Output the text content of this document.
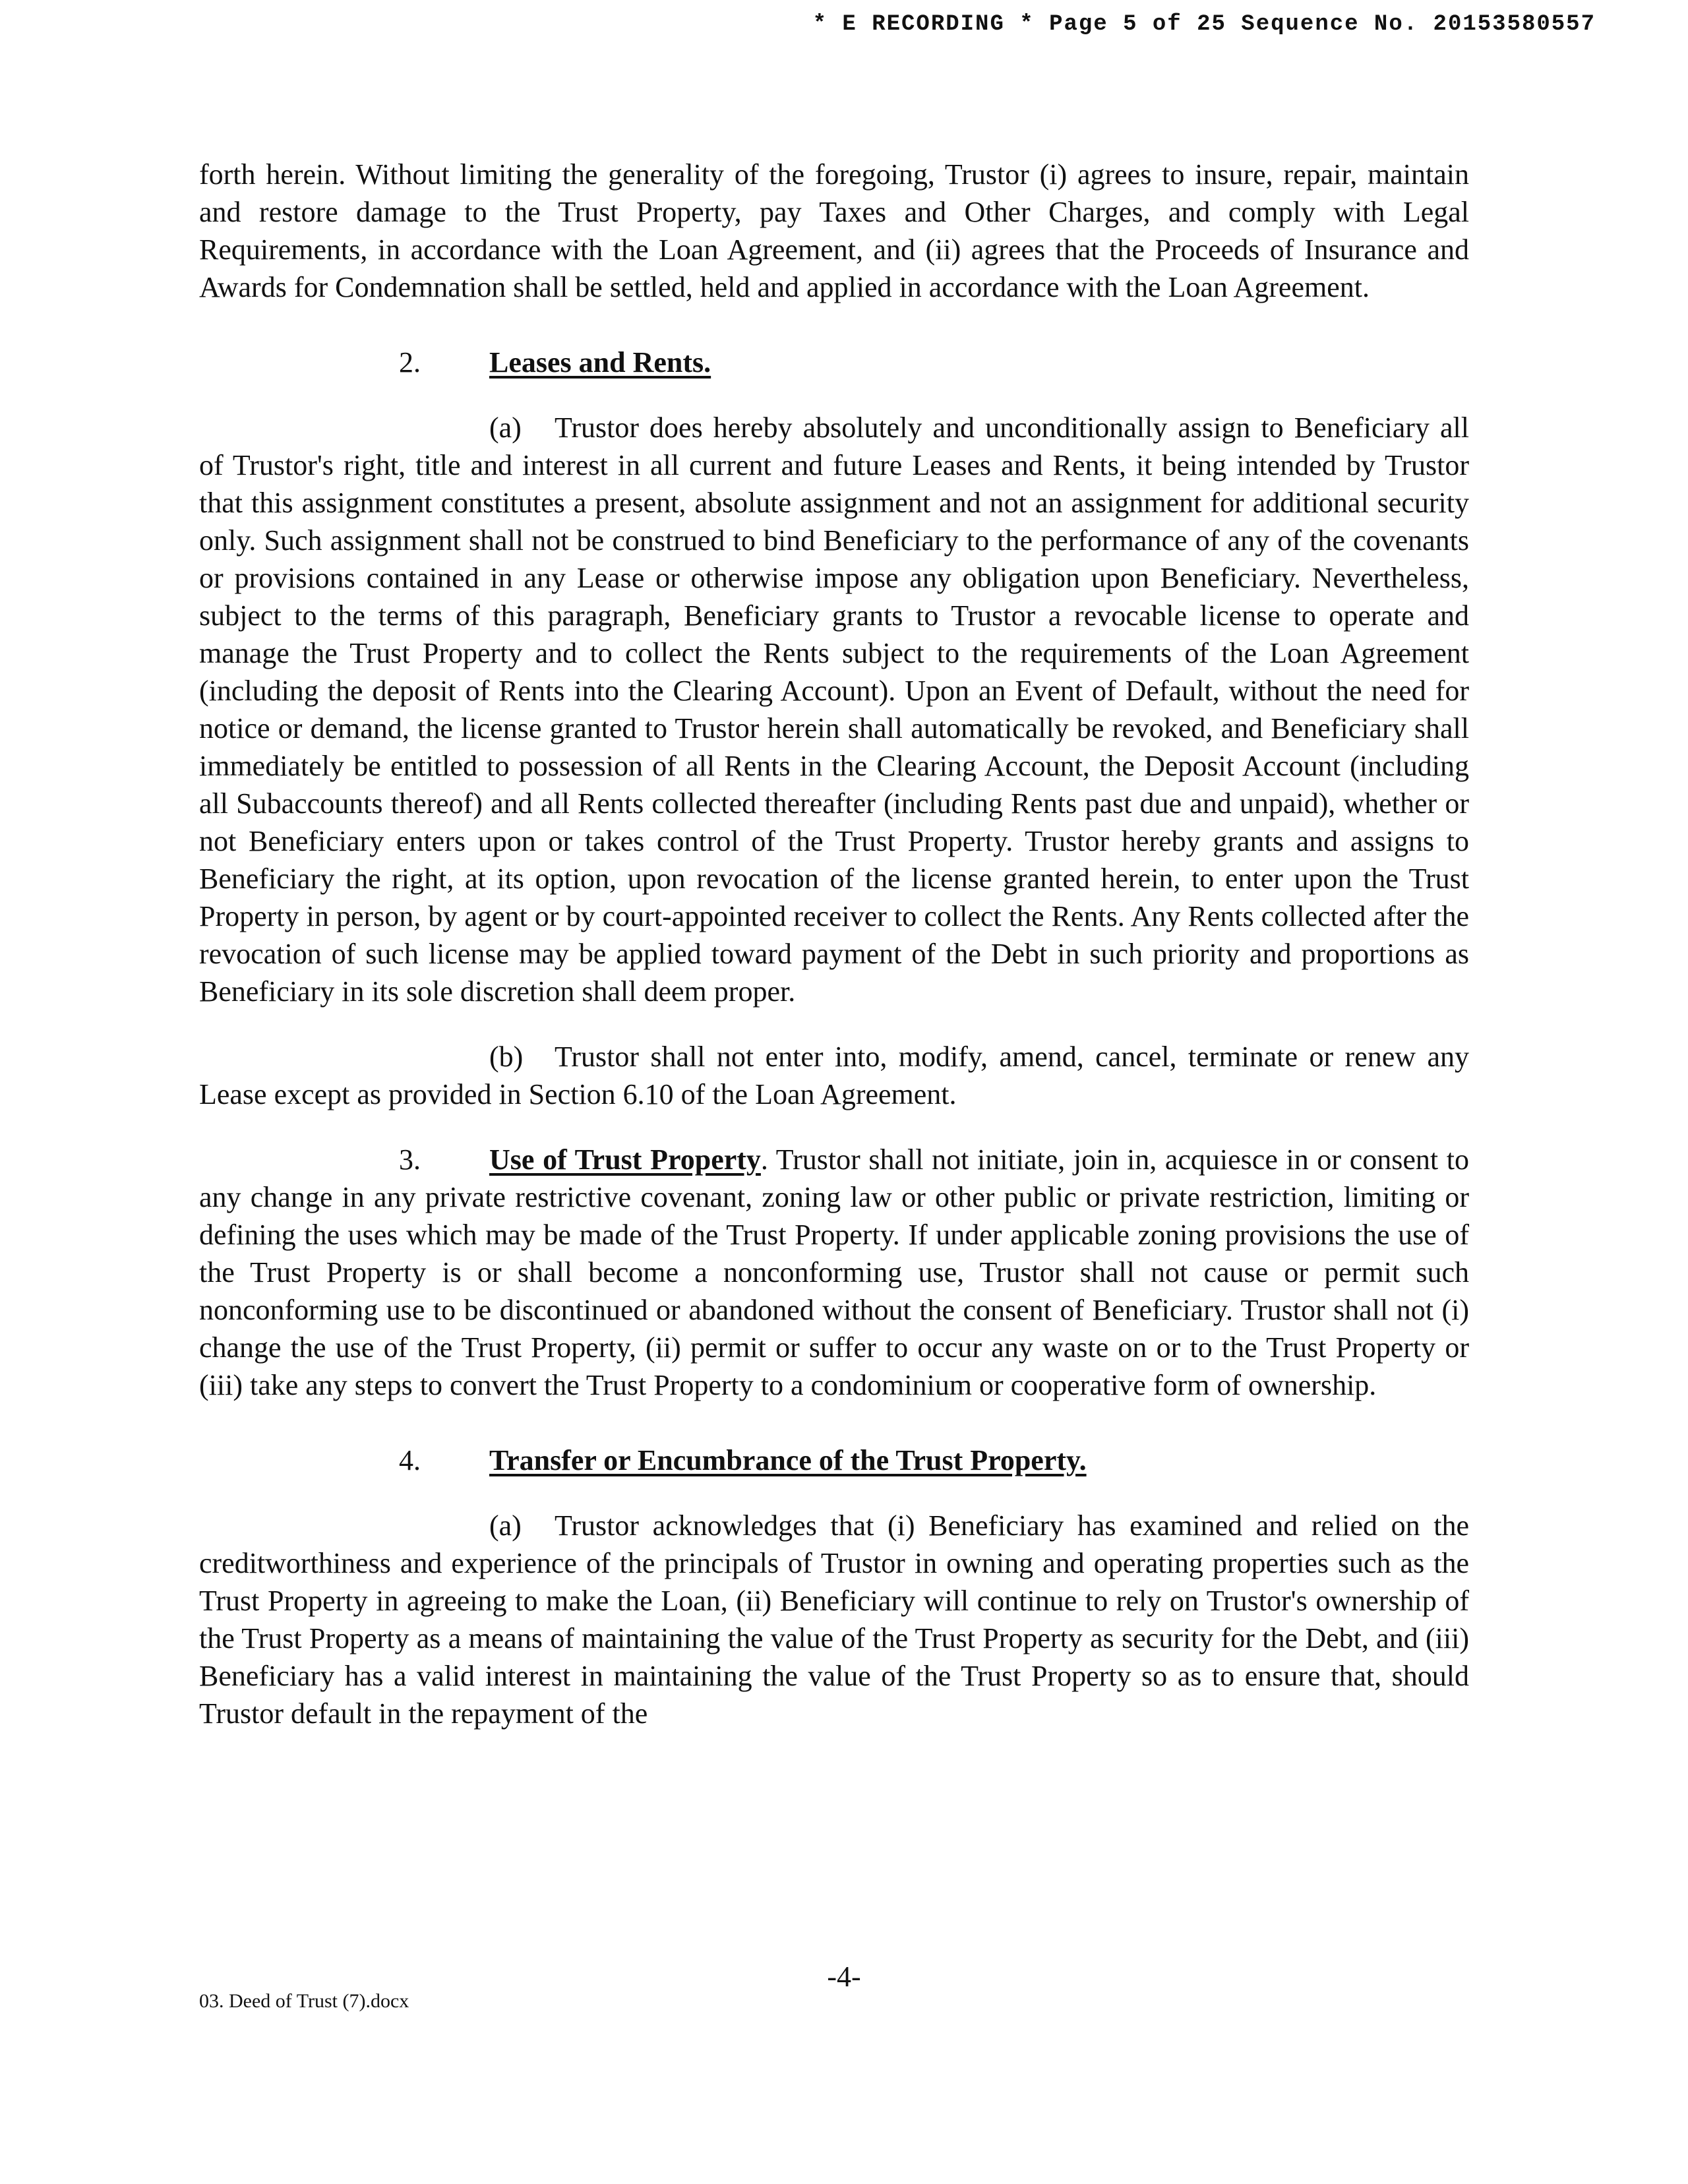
* E RECORDING * Page 5 of 25 Sequence No. 20153580557

forth herein. Without limiting the generality of the foregoing, Trustor (i) agrees to insure, repair, maintain and restore damage to the Trust Property, pay Taxes and Other Charges, and comply with Legal Requirements, in accordance with the Loan Agreement, and (ii) agrees that the Proceeds of Insurance and Awards for Condemnation shall be settled, held and applied in accordance with the Loan Agreement.

2. Leases and Rents.

(a) Trustor does hereby absolutely and unconditionally assign to Beneficiary all of Trustor's right, title and interest in all current and future Leases and Rents, it being intended by Trustor that this assignment constitutes a present, absolute assignment and not an assignment for additional security only. Such assignment shall not be construed to bind Beneficiary to the performance of any of the covenants or provisions contained in any Lease or otherwise impose any obligation upon Beneficiary. Nevertheless, subject to the terms of this paragraph, Beneficiary grants to Trustor a revocable license to operate and manage the Trust Property and to collect the Rents subject to the requirements of the Loan Agreement (including the deposit of Rents into the Clearing Account). Upon an Event of Default, without the need for notice or demand, the license granted to Trustor herein shall automatically be revoked, and Beneficiary shall immediately be entitled to possession of all Rents in the Clearing Account, the Deposit Account (including all Subaccounts thereof) and all Rents collected thereafter (including Rents past due and unpaid), whether or not Beneficiary enters upon or takes control of the Trust Property. Trustor hereby grants and assigns to Beneficiary the right, at its option, upon revocation of the license granted herein, to enter upon the Trust Property in person, by agent or by court-appointed receiver to collect the Rents. Any Rents collected after the revocation of such license may be applied toward payment of the Debt in such priority and proportions as Beneficiary in its sole discretion shall deem proper.

(b) Trustor shall not enter into, modify, amend, cancel, terminate or renew any Lease except as provided in Section 6.10 of the Loan Agreement.

3. Use of Trust Property. Trustor shall not initiate, join in, acquiesce in or consent to any change in any private restrictive covenant, zoning law or other public or private restriction, limiting or defining the uses which may be made of the Trust Property. If under applicable zoning provisions the use of the Trust Property is or shall become a nonconforming use, Trustor shall not cause or permit such nonconforming use to be discontinued or abandoned without the consent of Beneficiary. Trustor shall not (i) change the use of the Trust Property, (ii) permit or suffer to occur any waste on or to the Trust Property or (iii) take any steps to convert the Trust Property to a condominium or cooperative form of ownership.

4. Transfer or Encumbrance of the Trust Property.

(a) Trustor acknowledges that (i) Beneficiary has examined and relied on the creditworthiness and experience of the principals of Trustor in owning and operating properties such as the Trust Property in agreeing to make the Loan, (ii) Beneficiary will continue to rely on Trustor's ownership of the Trust Property as a means of maintaining the value of the Trust Property as security for the Debt, and (iii) Beneficiary has a valid interest in maintaining the value of the Trust Property so as to ensure that, should Trustor default in the repayment of the

-4-
03. Deed of Trust (7).docx
